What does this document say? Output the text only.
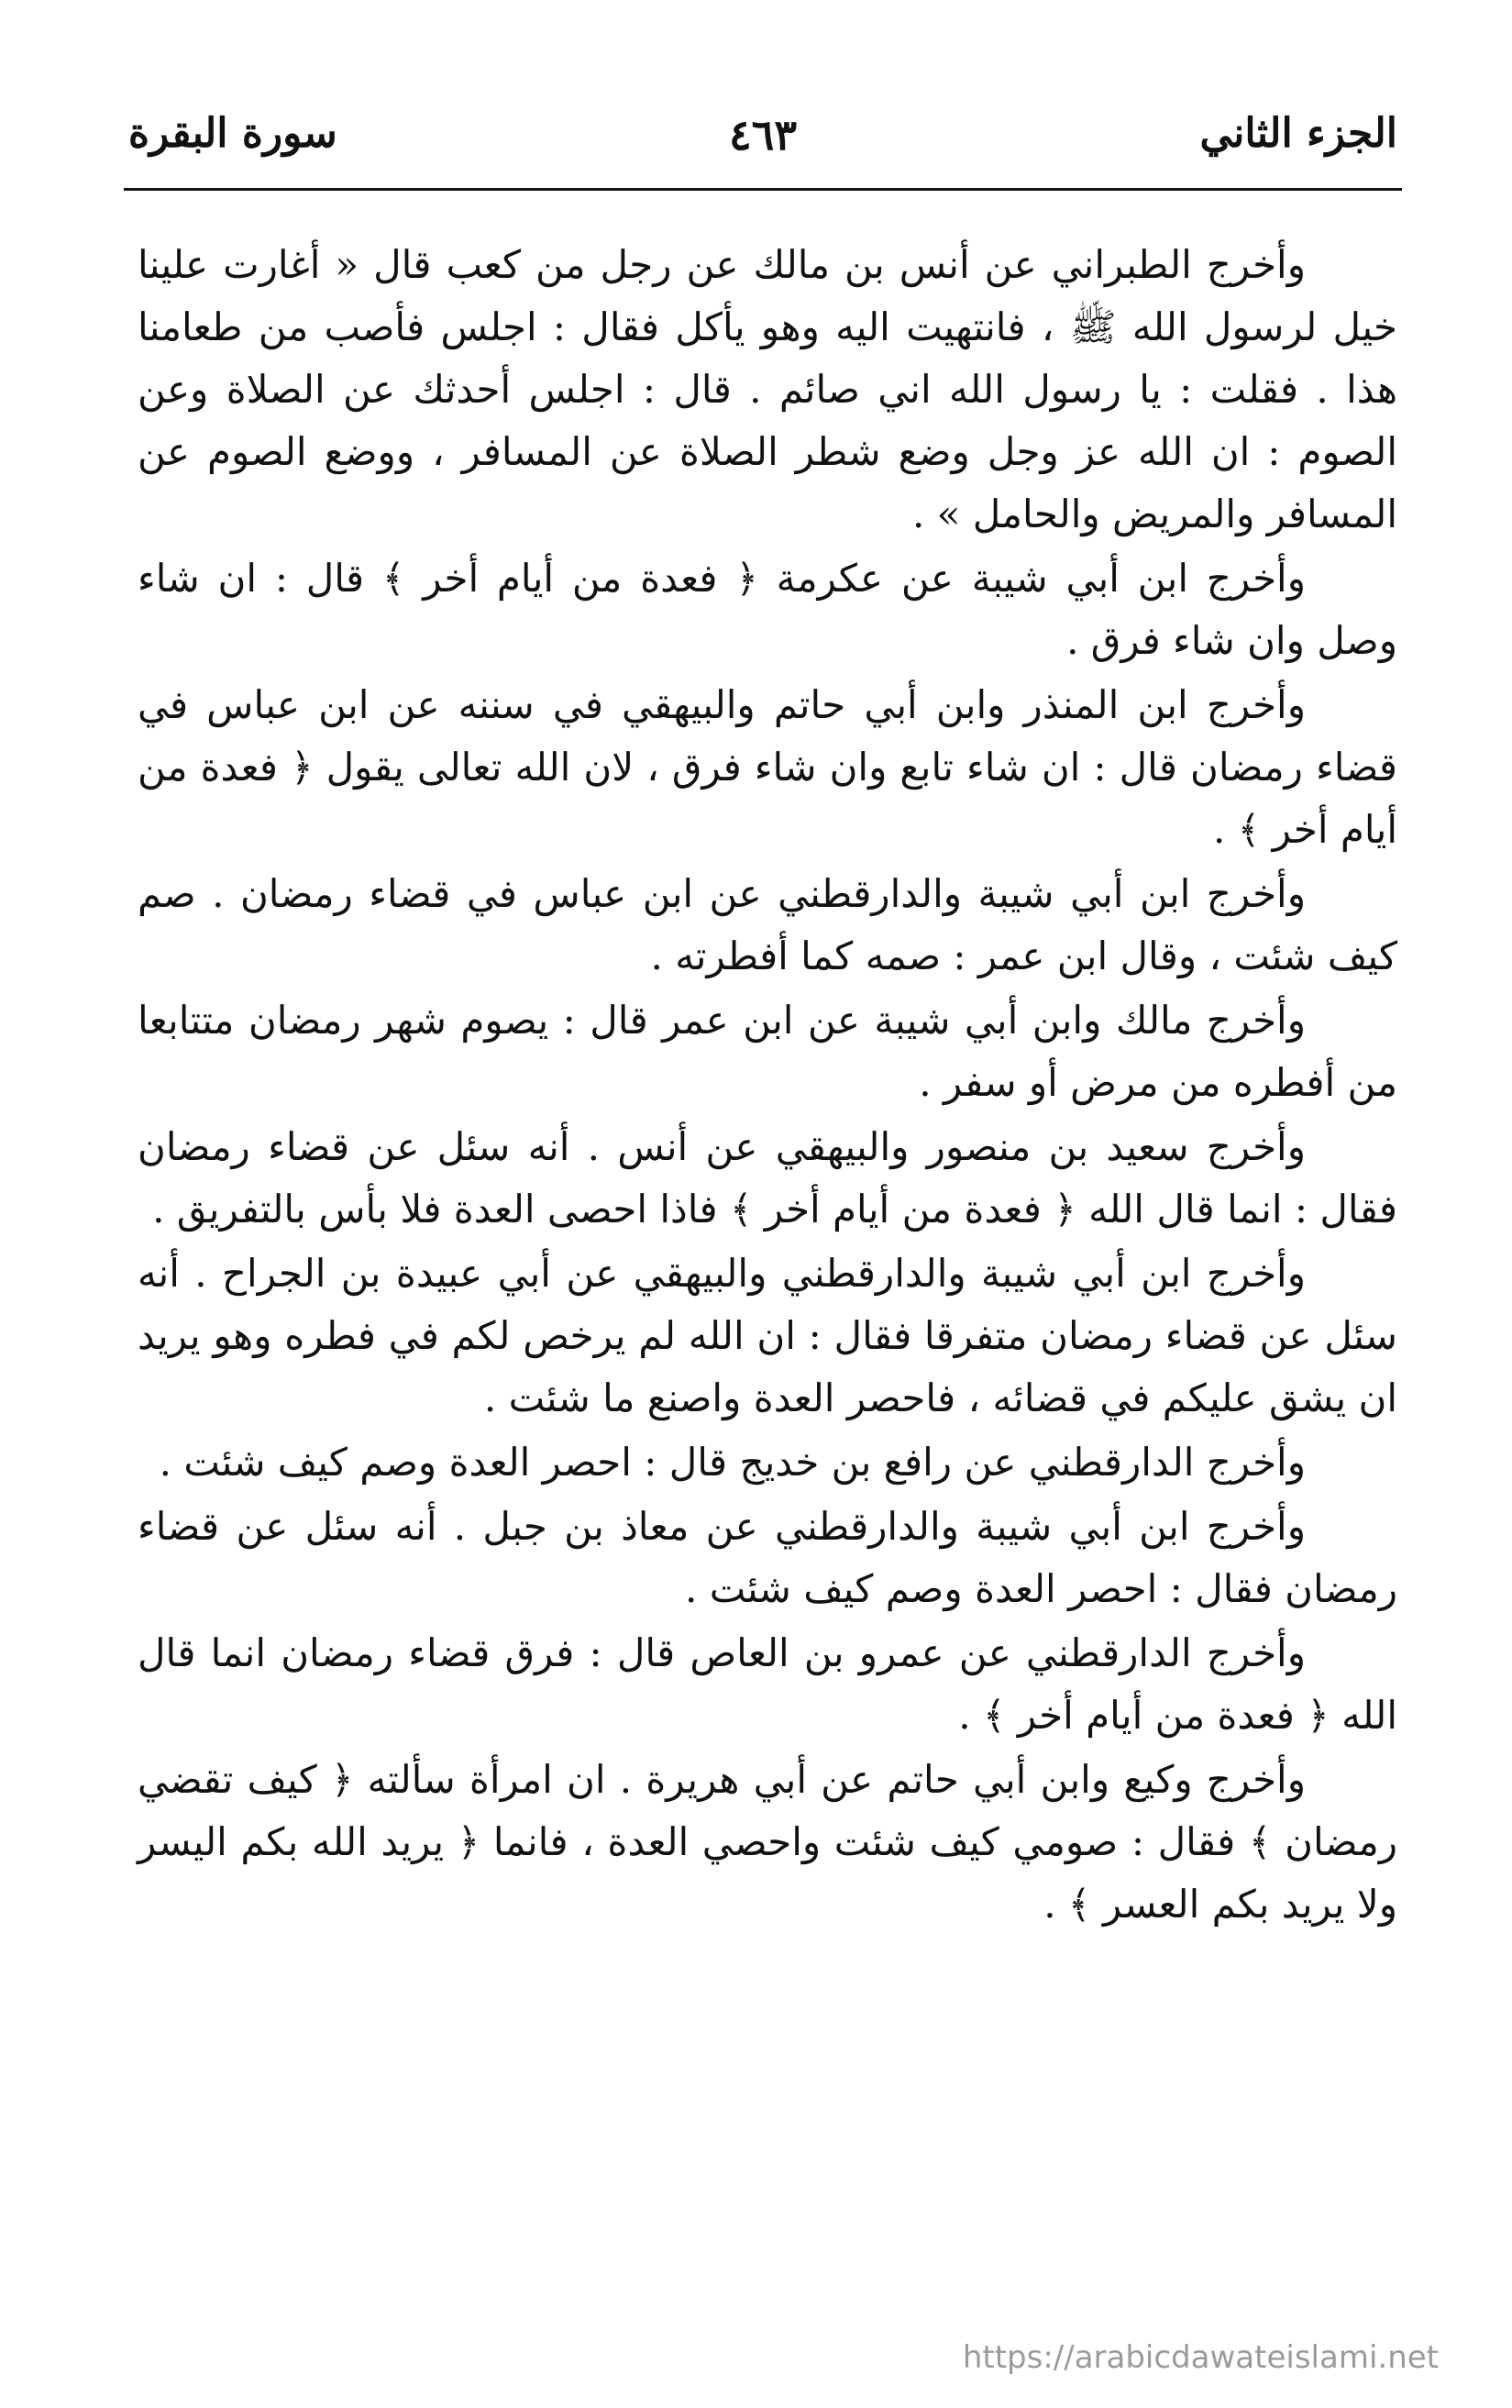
الجزء الثاني
٤٦٣
سورة البقرة

وأخرج الطبراني عن أنس بن مالك عن رجل من كعب قال « أغارت علينا خيل لرسول الله ﷺ ، فانتهيت اليه وهو يأكل فقال : اجلس فأصب من طعامنا هذا . فقلت : يا رسول الله اني صائم . قال : اجلس أحدثك عن الصلاة وعن الصوم : ان الله عز وجل وضع شطر الصلاة عن المسافر ، ووضع الصوم عن المسافر والمريض والحامل » .

وأخرج ابن أبي شيبة عن عكرمة ﴿ فعدة من أيام أخر ﴾ قال : ان شاء وصل وان شاء فرق .

وأخرج ابن المنذر وابن أبي حاتم والبيهقي في سننه عن ابن عباس في قضاء رمضان قال : ان شاء تابع وان شاء فرق ، لان الله تعالى يقول ﴿ فعدة من أيام أخر ﴾ .

وأخرج ابن أبي شيبة والدارقطني عن ابن عباس في قضاء رمضان . صم كيف شئت ، وقال ابن عمر : صمه كما أفطرته .

وأخرج مالك وابن أبي شيبة عن ابن عمر قال : يصوم شهر رمضان متتابعا من أفطره من مرض أو سفر .

وأخرج سعيد بن منصور والبيهقي عن أنس . أنه سئل عن قضاء رمضان فقال : انما قال الله ﴿ فعدة من أيام أخر ﴾ فاذا احصى العدة فلا بأس بالتفريق .

وأخرج ابن أبي شيبة والدارقطني والبيهقي عن أبي عبيدة بن الجراح . أنه سئل عن قضاء رمضان متفرقا فقال : ان الله لم يرخص لكم في فطره وهو يريد ان يشق عليكم في قضائه ، فاحصر العدة واصنع ما شئت .

وأخرج الدارقطني عن رافع بن خديج قال : احصر العدة وصم كيف شئت .

وأخرج ابن أبي شيبة والدارقطني عن معاذ بن جبل . أنه سئل عن قضاء رمضان فقال : احصر العدة وصم كيف شئت .

وأخرج الدارقطني عن عمرو بن العاص قال : فرق قضاء رمضان انما قال الله ﴿ فعدة من أيام أخر ﴾ .

وأخرج وكيع وابن أبي حاتم عن أبي هريرة . ان امرأة سألته ﴿ كيف تقضي رمضان ﴾ فقال : صومي كيف شئت واحصي العدة ، فانما ﴿ يريد الله بكم اليسر ولا يريد بكم العسر ﴾ .

https://arabicdawateislami.net
